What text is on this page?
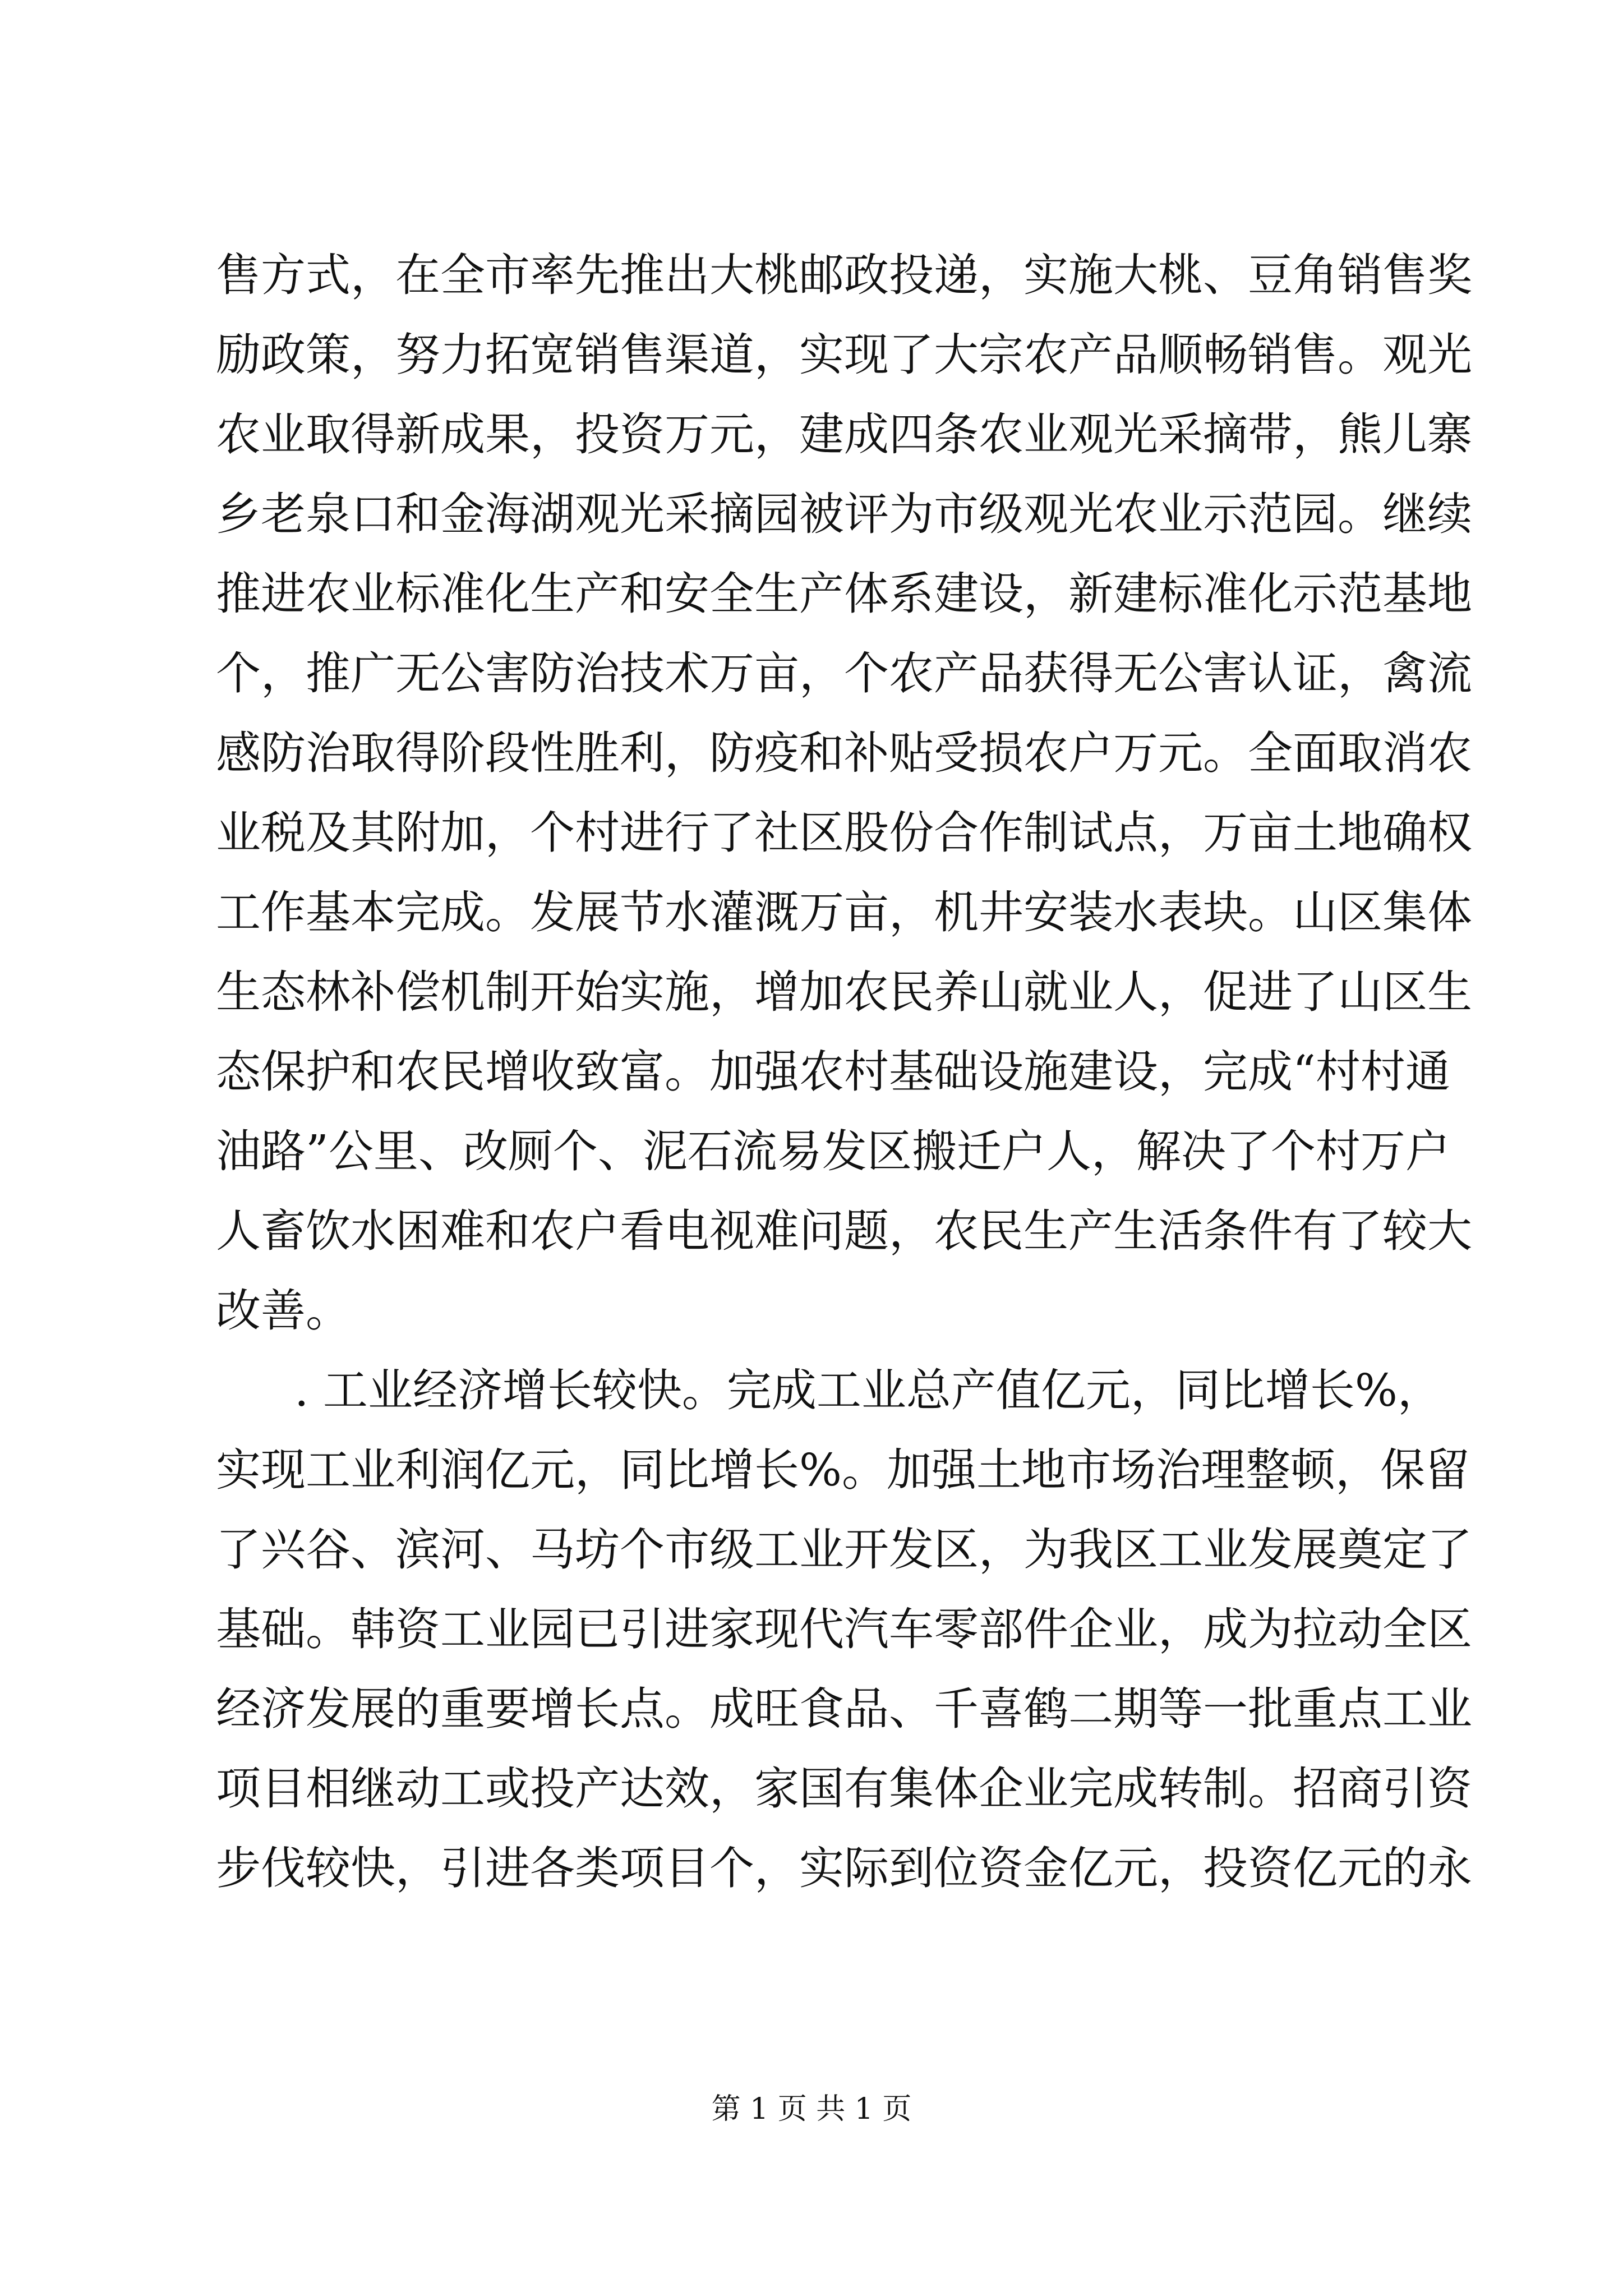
售方式，在全市率先推出大桃邮政投递，实施大桃、豆角销售奖
励政策，努力拓宽销售渠道，实现了大宗农产品顺畅销售。观光
农业取得新成果，投资万元，建成四条农业观光采摘带，熊儿寨
乡老泉口和金海湖观光采摘园被评为市级观光农业示范园。继续
推进农业标准化生产和安全生产体系建设，新建标准化示范基地
个，推广无公害防治技术万亩，个农产品获得无公害认证，禽流
感防治取得阶段性胜利，防疫和补贴受损农户万元。全面取消农
业税及其附加，个村进行了社区股份合作制试点，万亩土地确权
工作基本完成。发展节水灌溉万亩，机井安装水表块。山区集体
生态林补偿机制开始实施，增加农民养山就业人，促进了山区生
态保护和农民增收致富。加强农村基础设施建设，完成“村村通
油路”公里、改厕个、泥石流易发区搬迁户人，解决了个村万户
人畜饮水困难和农户看电视难问题，农民生产生活条件有了较大
改善。
. 工业经济增长较快。完成工业总产值亿元，同比增长%，
实现工业利润亿元，同比增长%。加强土地市场治理整顿，保留
了兴谷、滨河、马坊个市级工业开发区，为我区工业发展奠定了
基础。韩资工业园已引进家现代汽车零部件企业，成为拉动全区
经济发展的重要增长点。成旺食品、千喜鹤二期等一批重点工业
项目相继动工或投产达效，家国有集体企业完成转制。招商引资
步伐较快，引进各类项目个，实际到位资金亿元，投资亿元的永
第 1 页 共 1 页
